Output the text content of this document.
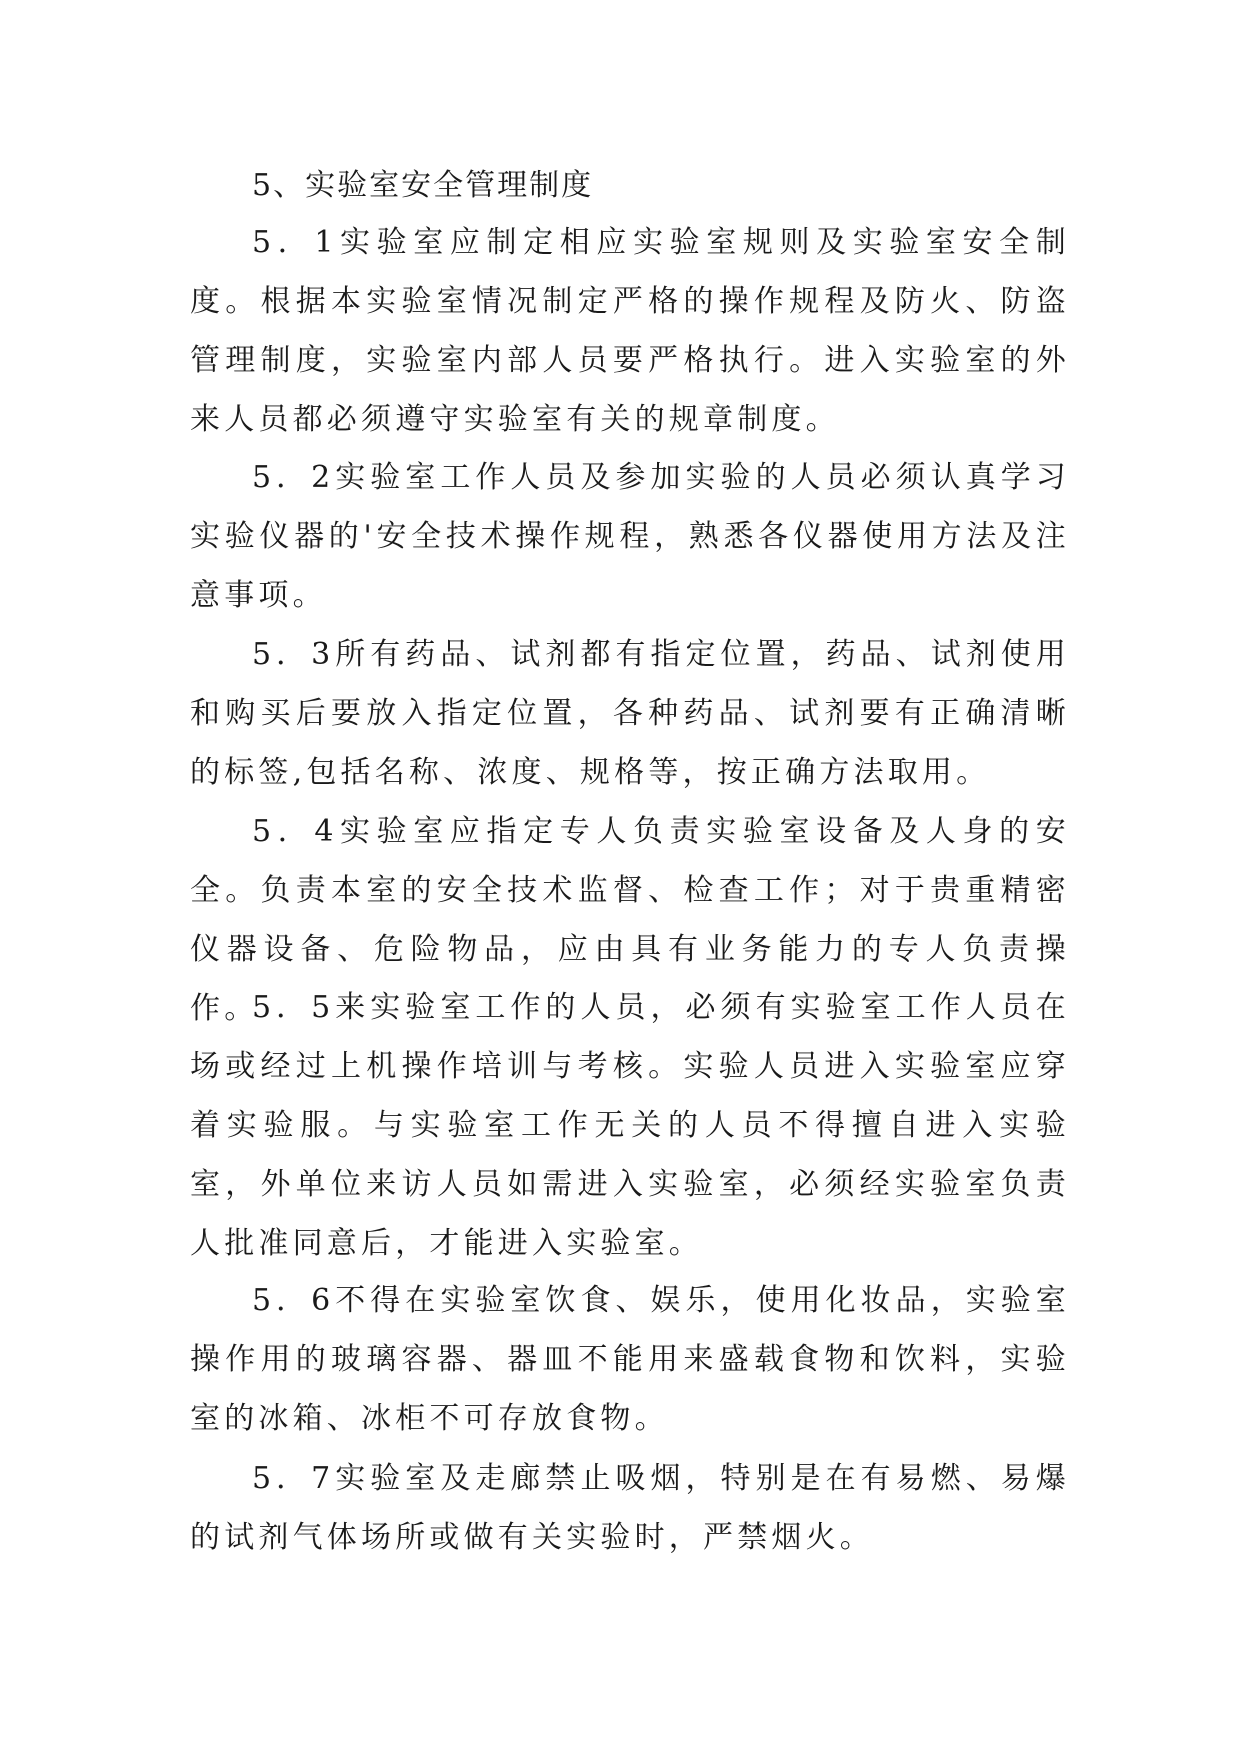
5、实验室安全管理制度

5．1实验室应制定相应实验室规则及实验室安全制度。根据本实验室情况制定严格的操作规程及防火、防盗管理制度，实验室内部人员要严格执行。进入实验室的外来人员都必须遵守实验室有关的规章制度。

5．2实验室工作人员及参加实验的人员必须认真学习实验仪器的'安全技术操作规程，熟悉各仪器使用方法及注意事项。

5．3所有药品、试剂都有指定位置，药品、试剂使用和购买后要放入指定位置，各种药品、试剂要有正确清晰的标签,包括名称、浓度、规格等，按正确方法取用。

5．4实验室应指定专人负责实验室设备及人身的安全。负责本室的安全技术监督、检查工作；对于贵重精密仪器设备、危险物品，应由具有业务能力的专人负责操作。

5．5来实验室工作的人员，必须有实验室工作人员在场或经过上机操作培训与考核。实验人员进入实验室应穿着实验服。与实验室工作无关的人员不得擅自进入实验室，外单位来访人员如需进入实验室，必须经实验室负责人批准同意后，才能进入实验室。

5．6不得在实验室饮食、娱乐，使用化妆品，实验室操作用的玻璃容器、器皿不能用来盛载食物和饮料，实验室的冰箱、冰柜不可存放食物。

5．7实验室及走廊禁止吸烟，特别是在有易燃、易爆的试剂气体场所或做有关实验时，严禁烟火。
